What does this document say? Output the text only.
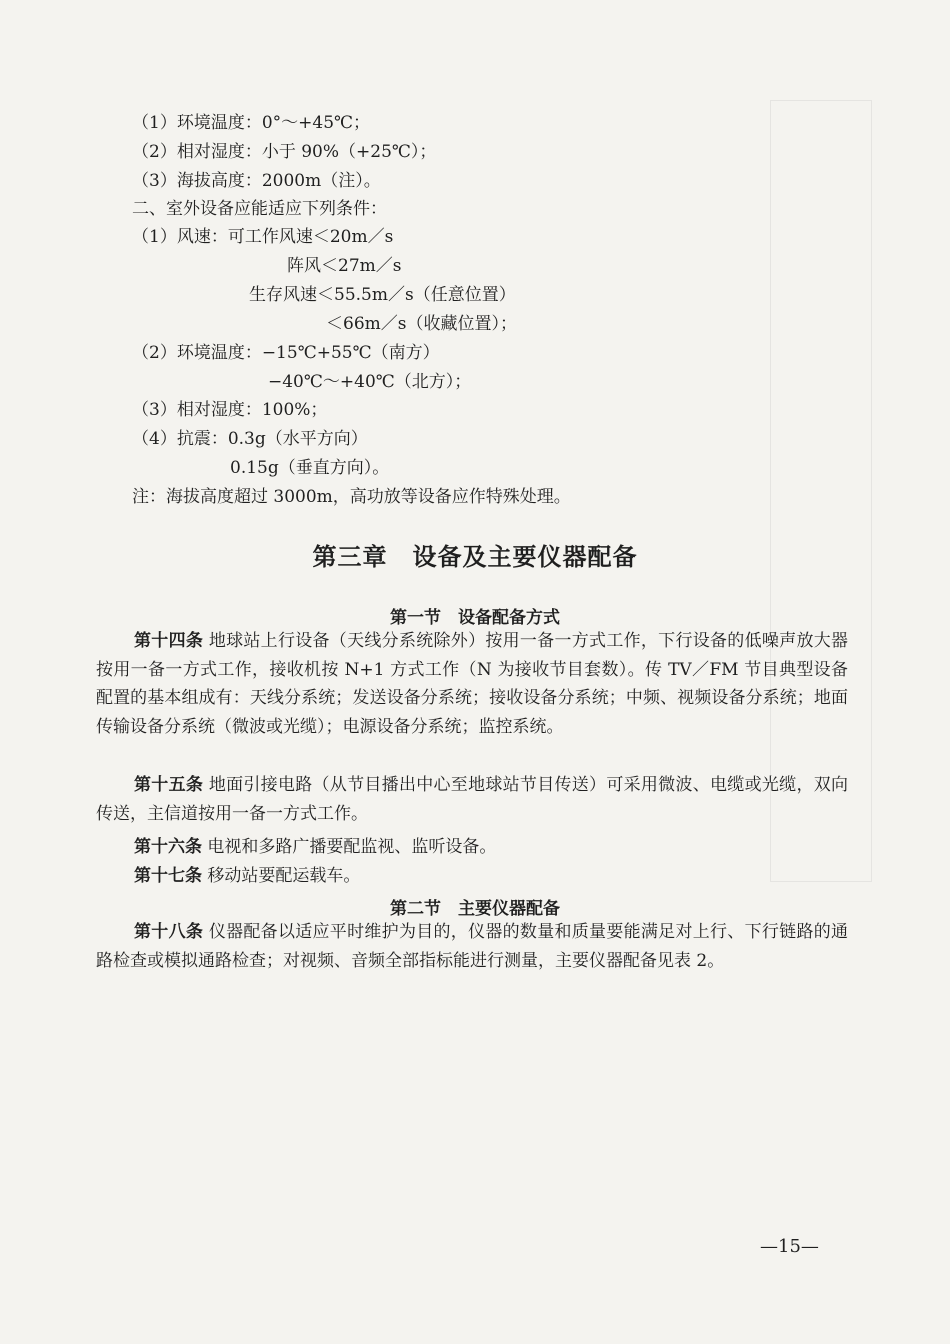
（1）环境温度：0°～+45℃；
（2）相对湿度：小于 90%（+25℃）；
（3）海拔高度：2000m（注）。
二、室外设备应能适应下列条件：
（1）风速：可工作风速＜20m／s
阵风＜27m／s
生存风速＜55.5m／s（任意位置）
＜66m／s（收藏位置）；
（2）环境温度：−15℃+55℃（南方）
−40℃～+40℃（北方）；
（3）相对湿度：100%；
（4）抗震：0.3g（水平方向）
0.15g（垂直方向）。
注：海拔高度超过 3000m，高功放等设备应作特殊处理。
第三章　设备及主要仪器配备
第一节　设备配备方式
第十四条 地球站上行设备（天线分系统除外）按用一备一方式工作，下行设备的低噪声放大器按用一备一方式工作，接收机按 N+1 方式工作（N 为接收节目套数）。传 TV／FM 节目典型设备配置的基本组成有：天线分系统；发送设备分系统；接收设备分系统；中频、视频设备分系统；地面传输设备分系统（微波或光缆）；电源设备分系统；监控系统。
第十五条 地面引接电路（从节目播出中心至地球站节目传送）可采用微波、电缆或光缆，双向传送，主信道按用一备一方式工作。
第十六条 电视和多路广播要配监视、监听设备。
第十七条 移动站要配运载车。
第二节　主要仪器配备
第十八条 仪器配备以适应平时维护为目的，仪器的数量和质量要能满足对上行、下行链路的通路检查或模拟通路检查；对视频、音频全部指标能进行测量，主要仪器配备见表 2。
—15—
